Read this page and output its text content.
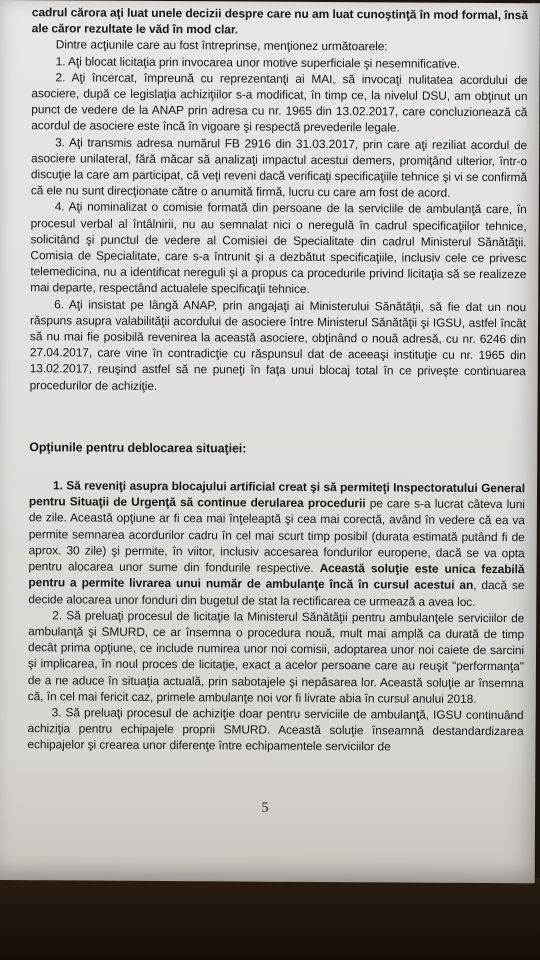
cadrul cărora aţi luat unele decizii despre care nu am luat cunoştinţă în mod formal, însă ale căror rezultate le văd în mod clar.

Dintre acţiunile care au fost întreprinse, menţionez următoarele:

1. Aţi blocat licitaţia prin invocarea unor motive superficiale şi nesemnificative.

2. Aţi încercat, împreună cu reprezentanţi ai MAI, să invocaţi nulitatea acordului de asociere, după ce legislaţia achiziţiilor s-a modificat, în timp ce, la nivelul DSU, am obţinut un punct de vedere de la ANAP prin adresa cu nr. 1965 din 13.02.2017, care concluzionează că acordul de asociere este încă în vigoare şi respectă prevederile legale.

3. Aţi transmis adresa numărul FB 2916 din 31.03.2017, prin care aţi reziliat acordul de asociere unilateral, fără măcar să analizaţi impactul acestui demers, promiţând ulterior, într-o discuţie la care am participat, că veţi reveni dacă verificaţi specificaţiile tehnice şi vi se confirmă că ele nu sunt direcţionate către o anumită firmă, lucru cu care am fost de acord.

4. Aţi nominalizat o comisie formată din persoane de la serviciile de ambulanţă care, în procesul verbal al întâlnirii, nu au semnalat nici o neregulă în cadrul specificaţiilor tehnice, solicitând şi punctul de vedere al Comisiei de Specialitate din cadrul Ministerul Sănătăţii. Comisia de Specialitate, care s-a întrunit şi a dezbătut specificaţiile, inclusiv cele ce privesc telemedicina, nu a identificat nereguli şi a propus ca procedurile privind licitaţia să se realizeze mai departe, respectând actualele specificaţii tehnice.

6. Aţi insistat pe lângă ANAP, prin angajaţi ai Ministerului Sănătăţii, să fie dat un nou răspuns asupra valabilităţii acordului de asociere între Ministerul Sănătăţii şi IGSU, astfel încât să nu mai fie posibilă revenirea la această asociere, obţinând o nouă adresă, cu nr. 6246 din 27.04.2017, care vine în contradicţie cu răspunsul dat de aceeaşi instituţie cu nr. 1965 din 13.02.2017, reuşind astfel să ne puneţi în faţa unui blocaj total în ce priveşte continuarea procedurilor de achiziţie.

Opţiunile pentru deblocarea situaţiei:

1. Să reveniţi asupra blocajului artificial creat şi să permiteţi Inspectoratului General pentru Situaţii de Urgenţă să continue derularea procedurii pe care s-a lucrat câteva luni de zile. Această opţiune ar fi cea mai înţeleaptă şi cea mai corectă, având în vedere că ea va permite semnarea acordurilor cadru în cel mai scurt timp posibil (durata estimată putând fi de aprox. 30 zile) şi permite, în viitor, inclusiv accesarea fondurilor europene, dacă se va opta pentru alocarea unor sume din fondurile respective. Această soluţie este unica fezabilă pentru a permite livrarea unui număr de ambulanţe încă în cursul acestui an, dacă se decide alocarea unor fonduri din bugetul de stat la rectificarea ce urmează a avea loc.

2. Să preluaţi procesul de licitaţie la Ministerul Sănătăţii pentru ambulanţele serviciilor de ambulanţă şi SMURD, ce ar însemna o procedura nouă, mult mai amplă ca durată de timp decât prima opţiune, ce include numirea unor noi comisii, adoptarea unor noi caiete de sarcini şi implicarea, în noul proces de licitaţie, exact a acelor persoane care au reuşit "performanţa" de a ne aduce în situaţia actuală, prin sabotajele şi nepăsarea lor. Această soluţie ar însemna că, în cel mai fericit caz, primele ambulanţe noi vor fi livrate abia în cursul anului 2018.

3. Să preluaţi procesul de achiziţie doar pentru serviciile de ambulanţă, IGSU continuând achiziţia pentru echipajele proprii SMURD. Această soluţie înseamnă destandardizarea echipajelor şi crearea unor diferenţe între echipamentele serviciilor de

5
